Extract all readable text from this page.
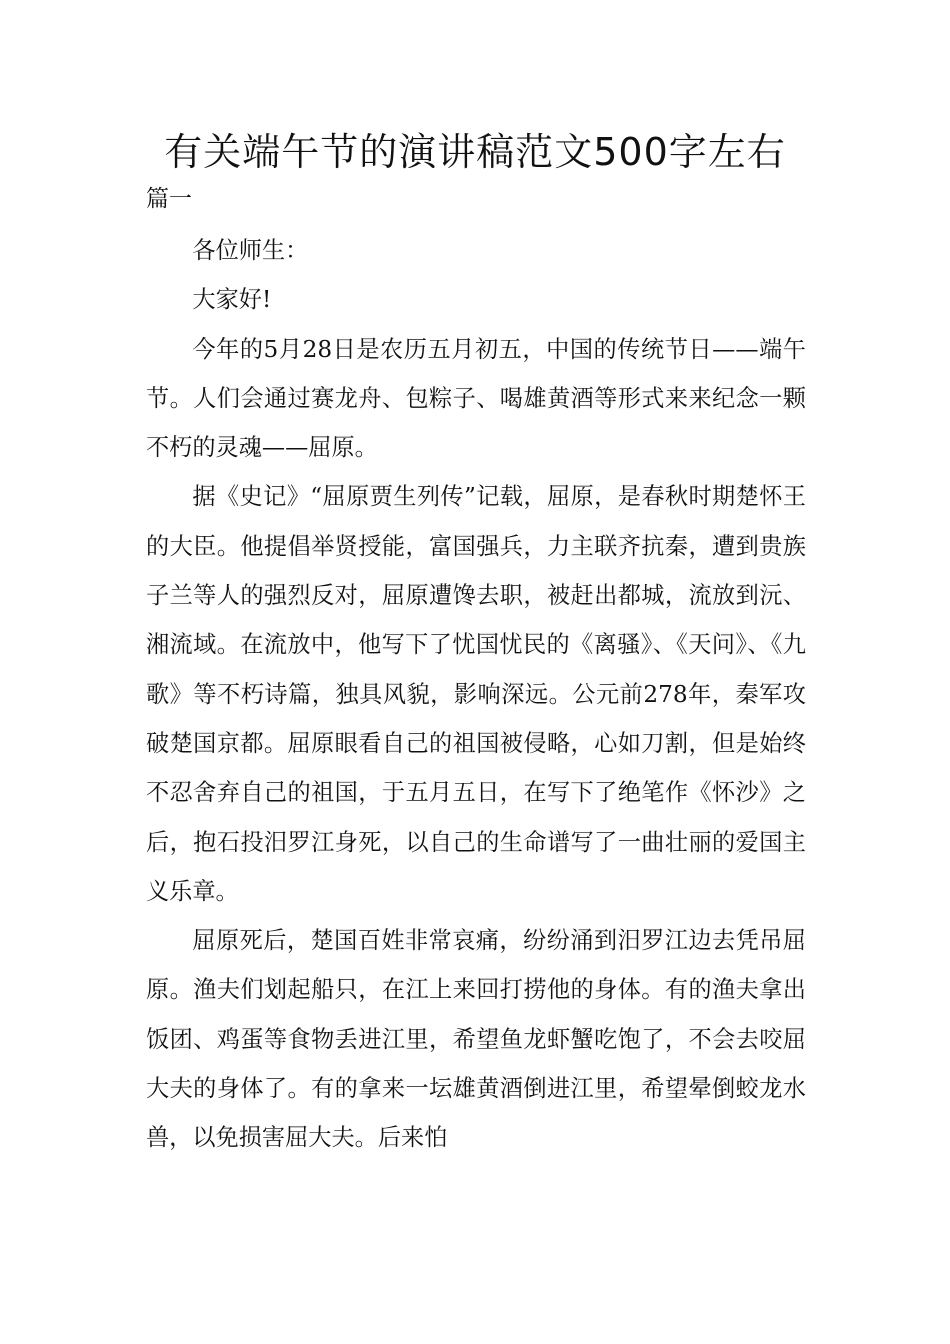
有关端午节的演讲稿范文500字左右

篇一

各位师生：

大家好!

今年的5月28日是农历五月初五，中国的传统节日——端午节。人们会通过赛龙舟、包粽子、喝雄黄酒等形式来来纪念一颗不朽的灵魂——屈原。

据《史记》“屈原贾生列传”记载，屈原，是春秋时期楚怀王的大臣。他提倡举贤授能，富国强兵，力主联齐抗秦，遭到贵族子兰等人的强烈反对，屈原遭馋去职，被赶出都城，流放到沅、湘流域。在流放中，他写下了忧国忧民的《离骚》、《天问》、《九歌》等不朽诗篇，独具风貌，影响深远。公元前278年，秦军攻破楚国京都。屈原眼看自己的祖国被侵略，心如刀割，但是始终不忍舍弃自己的祖国，于五月五日，在写下了绝笔作《怀沙》之后，抱石投汨罗江身死，以自己的生命谱写了一曲壮丽的爱国主义乐章。

屈原死后，楚国百姓非常哀痛，纷纷涌到汨罗江边去凭吊屈原。渔夫们划起船只，在江上来回打捞他的身体。有的渔夫拿出饭团、鸡蛋等食物丢进江里，希望鱼龙虾蟹吃饱了，不会去咬屈大夫的身体了。有的拿来一坛雄黄酒倒进江里，希望晕倒蛟龙水兽，以免损害屈大夫。后来怕
